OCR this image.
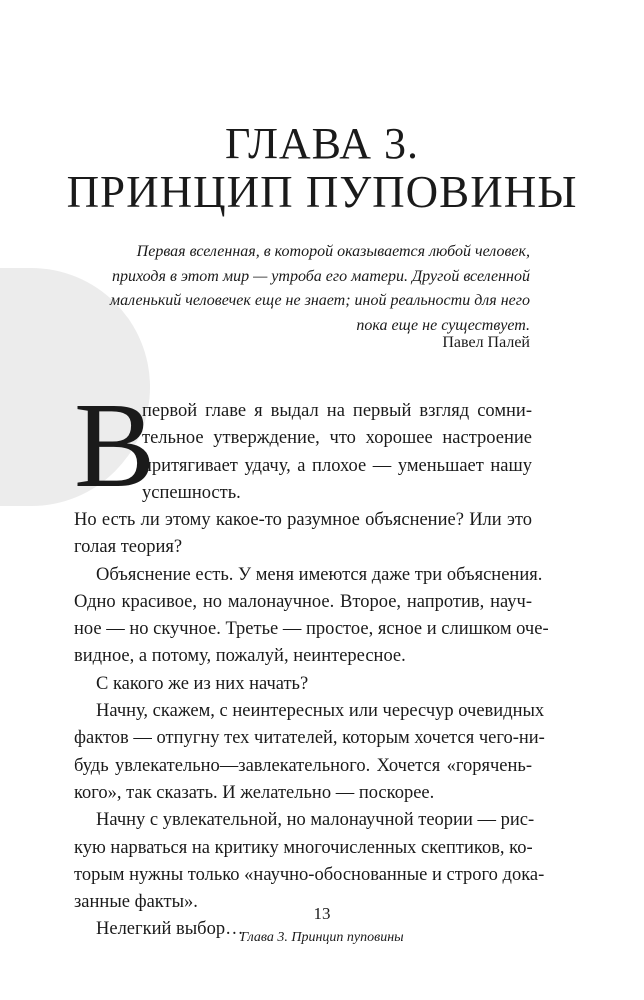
ГЛАВА 3.
ПРИНЦИП ПУПОВИНЫ
Первая вселенная, в которой оказывается любой человек,
приходя в этот мир — утроба его матери. Другой вселенной
маленький человечек еще не знает; иной реальности для него
пока еще не существует.
Павел Палей
В
первой главе я выдал на первый взгляд сомни-
тельное утверждение, что хорошее настроение
притягивает удачу, а плохое — уменьшает нашу
успешность.
Но есть ли этому какое-то разумное объяснение? Или это
голая теория?
Объяснение есть. У меня имеются даже три объяснения.
Одно красивое, но малонаучное. Второе, напротив, науч-
ное — но скучное. Третье — простое, ясное и слишком оче-
видное, а потому, пожалуй, неинтересное.
С какого же из них начать?
Начну, скажем, с неинтересных или чересчур очевидных
фактов — отпугну тех читателей, которым хочется чего-ни-
будь увлекательно—завлекательного. Хочется «горячень-
кого», так сказать. И желательно — поскорее.
Начну с увлекательной, но малонаучной теории — рис-
кую нарваться на критику многочисленных скептиков, ко-
торым нужны только «научно-обоснованные и строго дока-
занные факты».
Нелегкий выбор…
13
Глава 3. Принцип пуповины
